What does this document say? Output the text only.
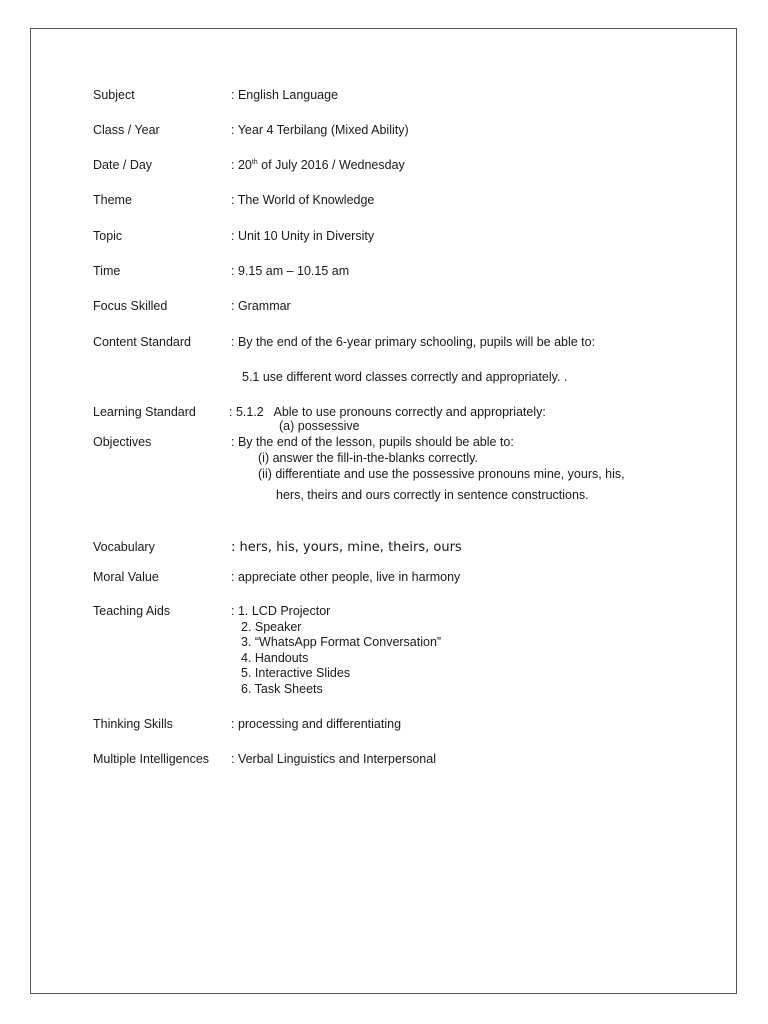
Subject	: English Language
Class / Year	: Year 4 Terbilang (Mixed Ability)
Date / Day	: 20th of July 2016 / Wednesday
Theme	: The World of Knowledge
Topic	: Unit 10 Unity in Diversity
Time	: 9.15 am – 10.15 am
Focus Skilled	: Grammar
Content Standard	: By the end of the 6-year primary schooling, pupils will be able to:
5.1 use different word classes correctly and appropriately. .
Learning Standard	: 5.1.2   Able to use pronouns correctly and appropriately:
(a) possessive
Objectives	: By the end of the lesson, pupils should be able to:
(i) answer the fill-in-the-blanks correctly.
(ii) differentiate and use the possessive pronouns mine, yours, his,
hers, theirs and ours correctly in sentence constructions.
Vocabulary	: hers, his, yours, mine, theirs, ours
Moral Value	: appreciate other people, live in harmony
Teaching Aids	: 1. LCD Projector
2. Speaker
3. “WhatsApp Format Conversation”
4. Handouts
5. Interactive Slides
6. Task Sheets
Thinking Skills	: processing and differentiating
Multiple Intelligences : Verbal Linguistics and Interpersonal
